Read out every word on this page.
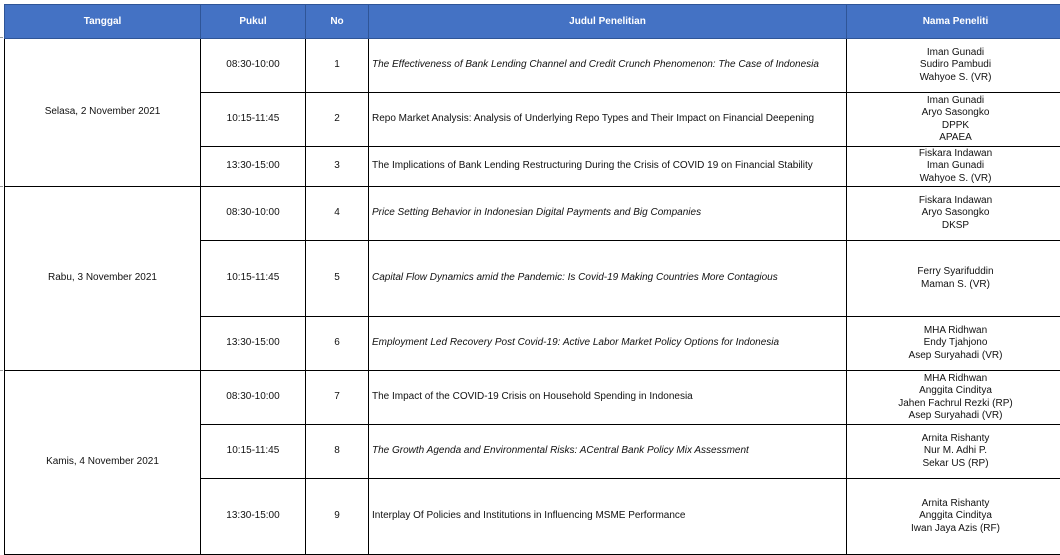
Tanggal	Pukul	No	Judul Penelitian	Nama Peneliti
Selasa, 2 November 2021	08:30-10:00	1	The Effectiveness of Bank Lending Channel and Credit Crunch Phenomenon: The Case of Indonesia	Iman Gunadi
Sudiro Pambudi
Wahyoe S. (VR)

	10:15-11:45	2	Repo Market Analysis: Analysis of Underlying Repo Types and Their Impact on Financial Deepening	Iman Gunadi
Aryo Sasongko
DPPK
APAEA

	13:30-15:00	3	The Implications of Bank Lending Restructuring During the Crisis of COVID 19 on Financial Stability	Fiskara Indawan
Iman Gunadi
Wahyoe S. (VR)

Rabu, 3 November 2021	08:30-10:00	4	Price Setting Behavior in Indonesian Digital Payments and Big Companies	Fiskara Indawan
Aryo Sasongko
DKSP

	10:15-11:45	5	Capital Flow Dynamics amid the Pandemic: Is Covid-19 Making Countries More Contagious	Ferry Syarifuddin
Maman S. (VR)

	13:30-15:00	6	Employment Led Recovery Post Covid-19: Active Labor Market Policy Options for Indonesia	MHA Ridhwan
Endy Tjahjono
Asep Suryahadi (VR)

Kamis, 4 November 2021	08:30-10:00	7	The Impact of the COVID-19 Crisis on Household Spending in Indonesia	MHA Ridhwan
Anggita Cinditya
Jahen Fachrul Rezki (RP)
Asep Suryahadi (VR)

	10:15-11:45	8	The Growth Agenda and Environmental Risks: ACentral Bank Policy Mix Assessment	Arnita Rishanty
Nur M. Adhi P.
Sekar US (RP)

	13:30-15:00	9	Interplay Of Policies and Institutions in Influencing MSME Performance	Arnita Rishanty
Anggita Cinditya
Iwan Jaya Azis (RF)
